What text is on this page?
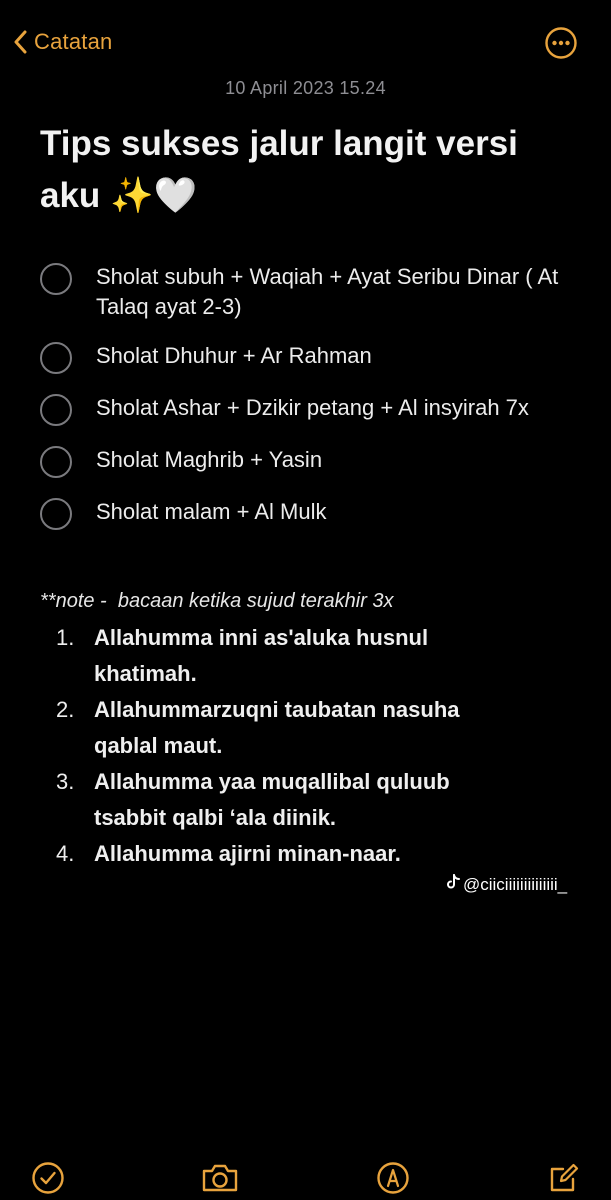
Catatan
10 April 2023 15.24
Tips sukses jalur langit versi aku ✨🤍
Sholat subuh + Waqiah + Ayat Seribu Dinar ( At Talaq ayat 2-3)
Sholat Dhuhur + Ar Rahman
Sholat Ashar + Dzikir petang + Al insyirah 7x
Sholat Maghrib + Yasin
Sholat malam + Al Mulk
**note -  bacaan ketika sujud terakhir 3x
1. Allahumma inni as'aluka husnul khatimah.
2. Allahummarzuqni taubatan nasuha qablal maut.
3. Allahumma yaa muqallibal quluub tsabbit qalbi ‘ala diinik.
4. Allahumma ajirni minan-naar.
@ciiciiiiiiiiiiiiii_
